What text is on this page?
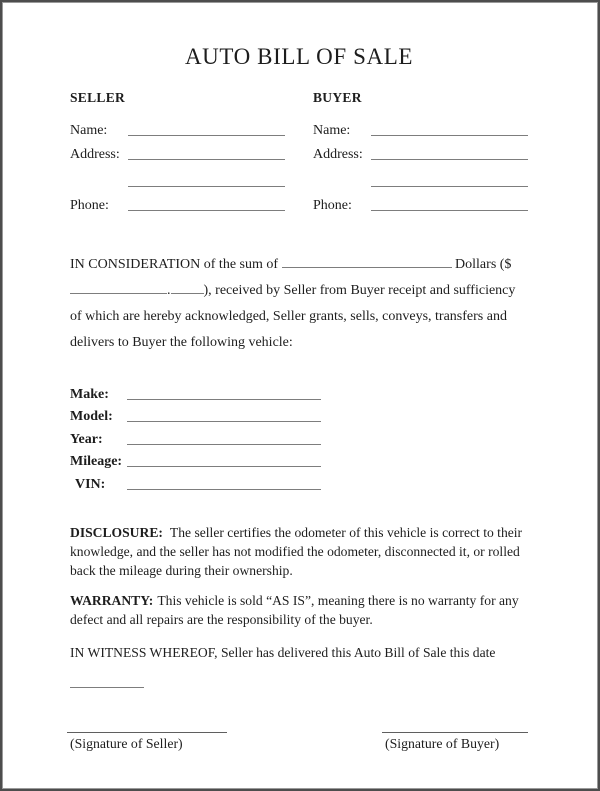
AUTO BILL OF SALE
SELLER
Name:
Address:
Phone:
BUYER
Name:
Address:
Phone:

IN CONSIDERATION of the sum of	Dollars ($
. ), received by Seller from Buyer receipt and sufficiency of which are hereby acknowledged, Seller grants, sells, conveys, transfers and delivers to Buyer the following vehicle:

Make:
Model:
Year:
Mileage:
VIN:

DISCLOSURE: The seller certifies the odometer of this vehicle is correct to their knowledge, and the seller has not modified the odometer, disconnected it, or rolled back the mileage during their ownership.

WARRANTY: This vehicle is sold “AS IS”, meaning there is no warranty for any defect and all repairs are the responsibility of the buyer.

IN WITNESS WHEREOF, Seller has delivered this Auto Bill of Sale this date

(Signature of Seller)	(Signature of Buyer)
